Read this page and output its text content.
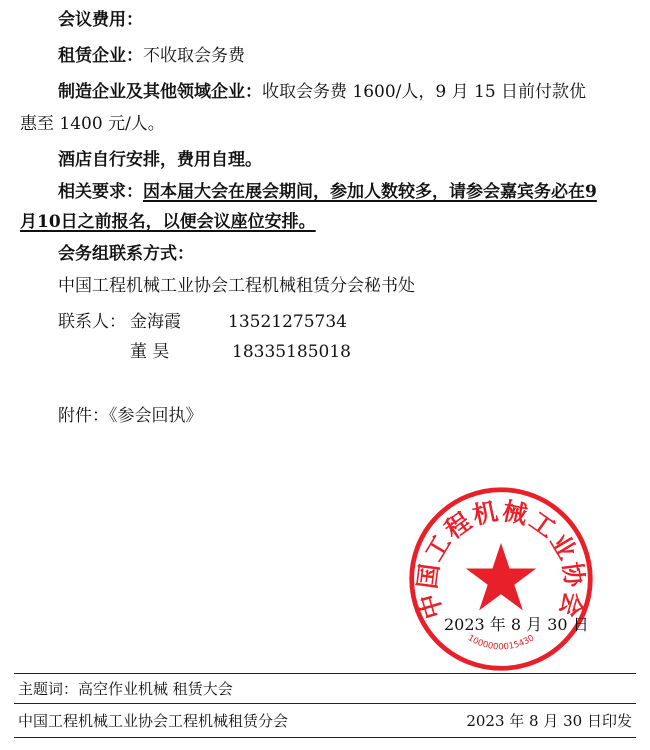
会议费用：
租赁企业：不收取会务费
制造企业及其他领域企业：收取会务费 1600/人，9 月 15 日前付款优
惠至 1400 元/人。
酒店自行安排，费用自理。
相关要求：因本届大会在展会期间，参加人数较多，请参会嘉宾务必在9
月10日之前报名，以便会议座位安排。
会务组联系方式：
中国工程机械工业协会工程机械租赁分会秘书处
联系人： 金海霞	13521275734
董 昊	18335185018
附件：《参会回执》
中国工程机械工业协会
1000000015430
2023 年 8 月 30 日
主题词：高空作业机械 租赁大会
中国工程机械工业协会工程机械租赁分会	2023 年 8 月 30 日印发
